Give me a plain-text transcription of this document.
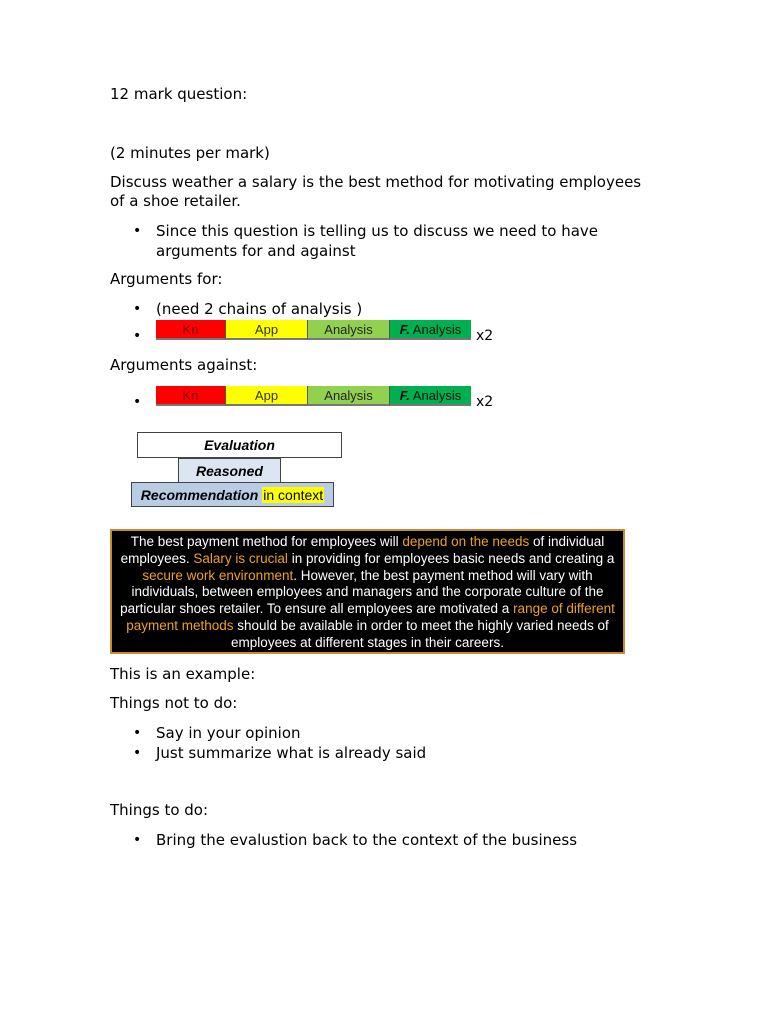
12 mark question:
(2 minutes per mark)
Discuss weather a salary is the best method for motivating employees
of a shoe retailer.
• Since this question is telling us to discuss we need to have
arguments for and against
Arguments for:
• (need 2 chains of analysis )
•	Kn	App	Analysis	F. Analysis x2
Arguments against:
•	Kn	App	Analysis	F. Analysis x2
Evaluation
Reasoned
Recommendation in context
The best payment method for employees will depend on the needs of individual employees. Salary is crucial in providing for employees basic needs and creating a secure work environment. However, the best payment method will vary with individuals, between employees and managers and the corporate culture of the particular shoes retailer. To ensure all employees are motivated a range of different payment methods should be available in order to meet the highly varied needs of employees at different stages in their careers.
This is an example:
Things not to do:
• Say in your opinion
• Just summarize what is already said
Things to do:
• Bring the evalustion back to the context of the business
